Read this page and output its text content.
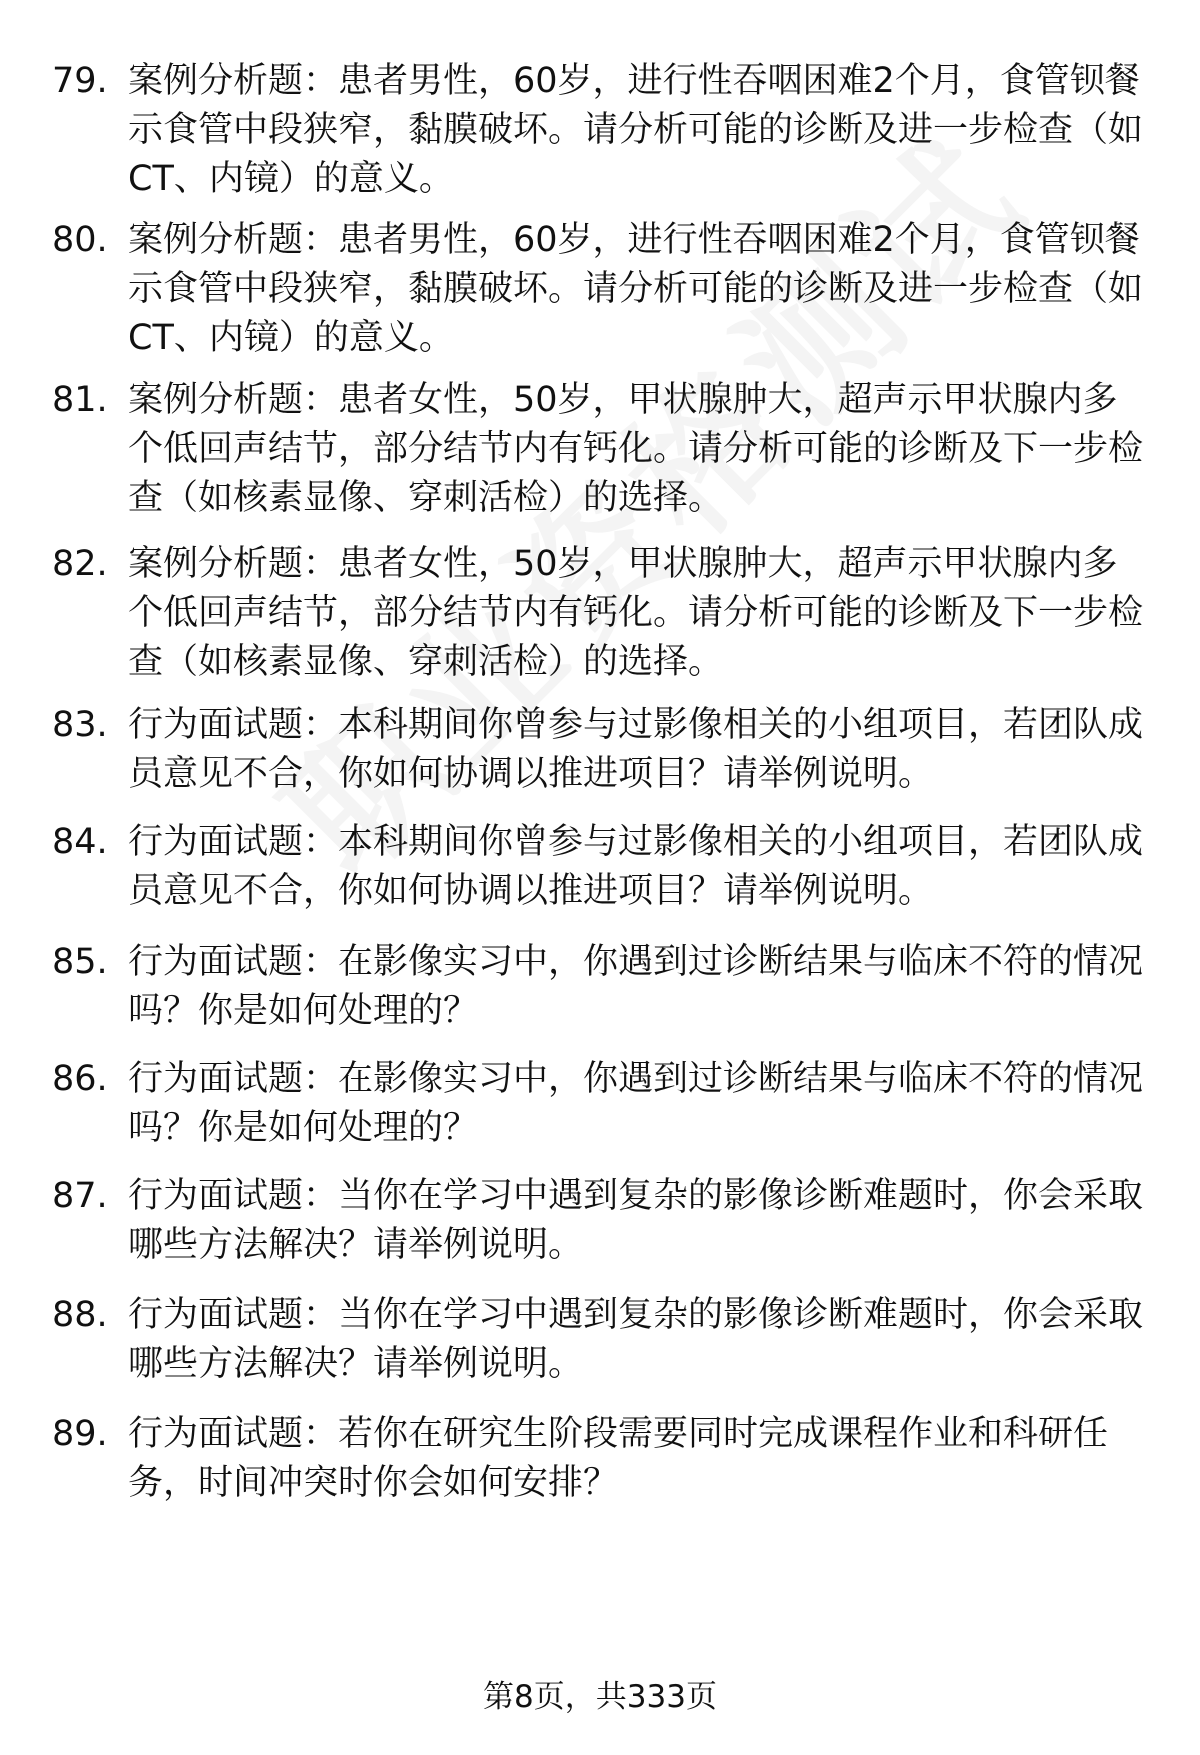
79. 案例分析题：患者男性，60岁，进行性吞咽困难2个月，食管钡餐示食管中段狭窄，黏膜破坏。请分析可能的诊断及进一步检查（如CT、内镜）的意义。
80. 案例分析题：患者男性，60岁，进行性吞咽困难2个月，食管钡餐示食管中段狭窄，黏膜破坏。请分析可能的诊断及进一步检查（如CT、内镜）的意义。
81. 案例分析题：患者女性，50岁，甲状腺肿大，超声示甲状腺内多个低回声结节，部分结节内有钙化。请分析可能的诊断及下一步检查（如核素显像、穿刺活检）的选择。
82. 案例分析题：患者女性，50岁，甲状腺肿大，超声示甲状腺内多个低回声结节，部分结节内有钙化。请分析可能的诊断及下一步检查（如核素显像、穿刺活检）的选择。
83. 行为面试题：本科期间你曾参与过影像相关的小组项目，若团队成员意见不合，你如何协调以推进项目？请举例说明。
84. 行为面试题：本科期间你曾参与过影像相关的小组项目，若团队成员意见不合，你如何协调以推进项目？请举例说明。
85. 行为面试题：在影像实习中，你遇到过诊断结果与临床不符的情况吗？你是如何处理的？
86. 行为面试题：在影像实习中，你遇到过诊断结果与临床不符的情况吗？你是如何处理的？
87. 行为面试题：当你在学习中遇到复杂的影像诊断难题时，你会采取哪些方法解决？请举例说明。
88. 行为面试题：当你在学习中遇到复杂的影像诊断难题时，你会采取哪些方法解决？请举例说明。
89. 行为面试题：若你在研究生阶段需要同时完成课程作业和科研任务，时间冲突时你会如何安排？
第8页，共333页
